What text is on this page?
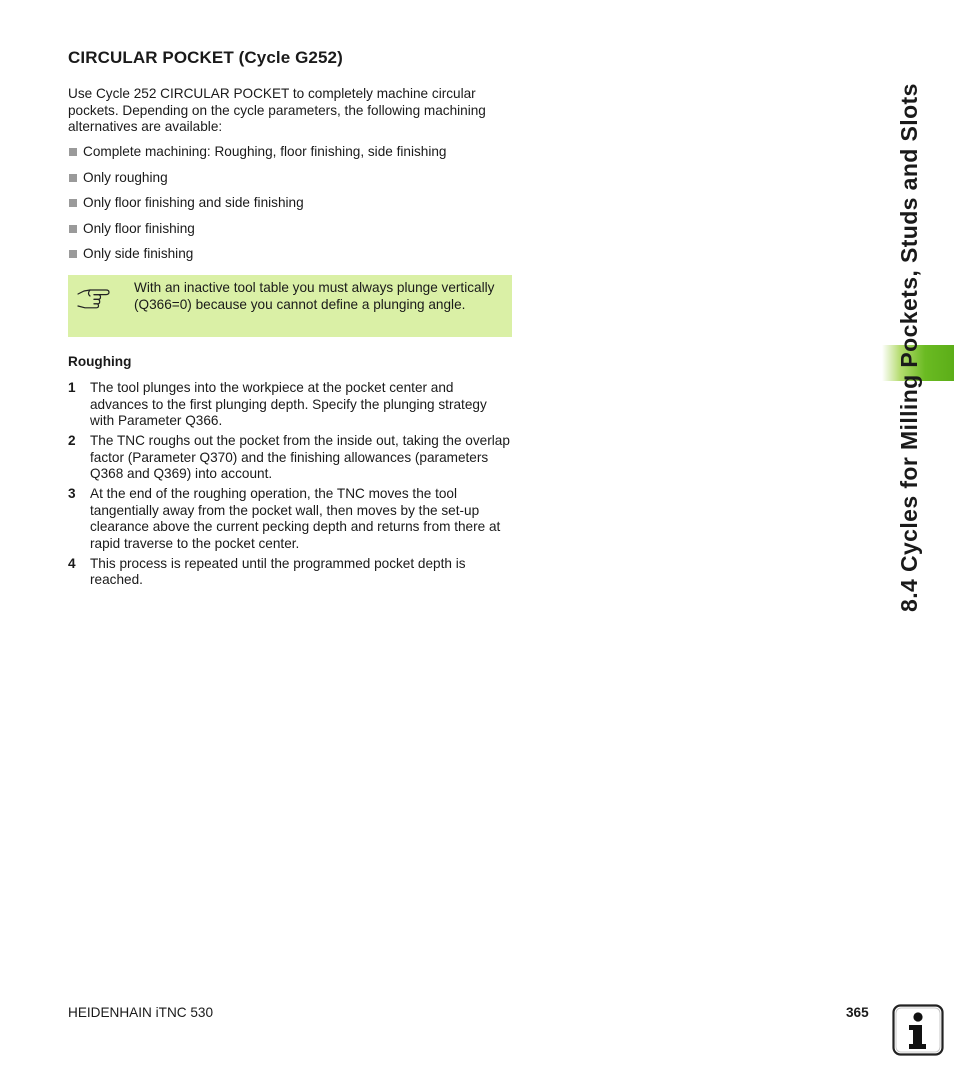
CIRCULAR POCKET (Cycle G252)
Use Cycle 252 CIRCULAR POCKET to completely machine circular pockets. Depending on the cycle parameters, the following machining alternatives are available:
Complete machining: Roughing, floor finishing, side finishing
Only roughing
Only floor finishing and side finishing
Only floor finishing
Only side finishing
With an inactive tool table you must always plunge vertically (Q366=0) because you cannot define a plunging angle.
Roughing
1	The tool plunges into the workpiece at the pocket center and advances to the first plunging depth. Specify the plunging strategy with Parameter Q366.
2	The TNC roughs out the pocket from the inside out, taking the overlap factor (Parameter Q370) and the finishing allowances (parameters Q368 and Q369) into account.
3	At the end of the roughing operation, the TNC moves the tool tangentially away from the pocket wall, then moves by the set-up clearance above the current pecking depth and returns from there at rapid traverse to the pocket center.
4	This process is repeated until the programmed pocket depth is reached.	8.4 Cycles for Milling Pockets, Studs and Slots
HEIDENHAIN iTNC 530	365
